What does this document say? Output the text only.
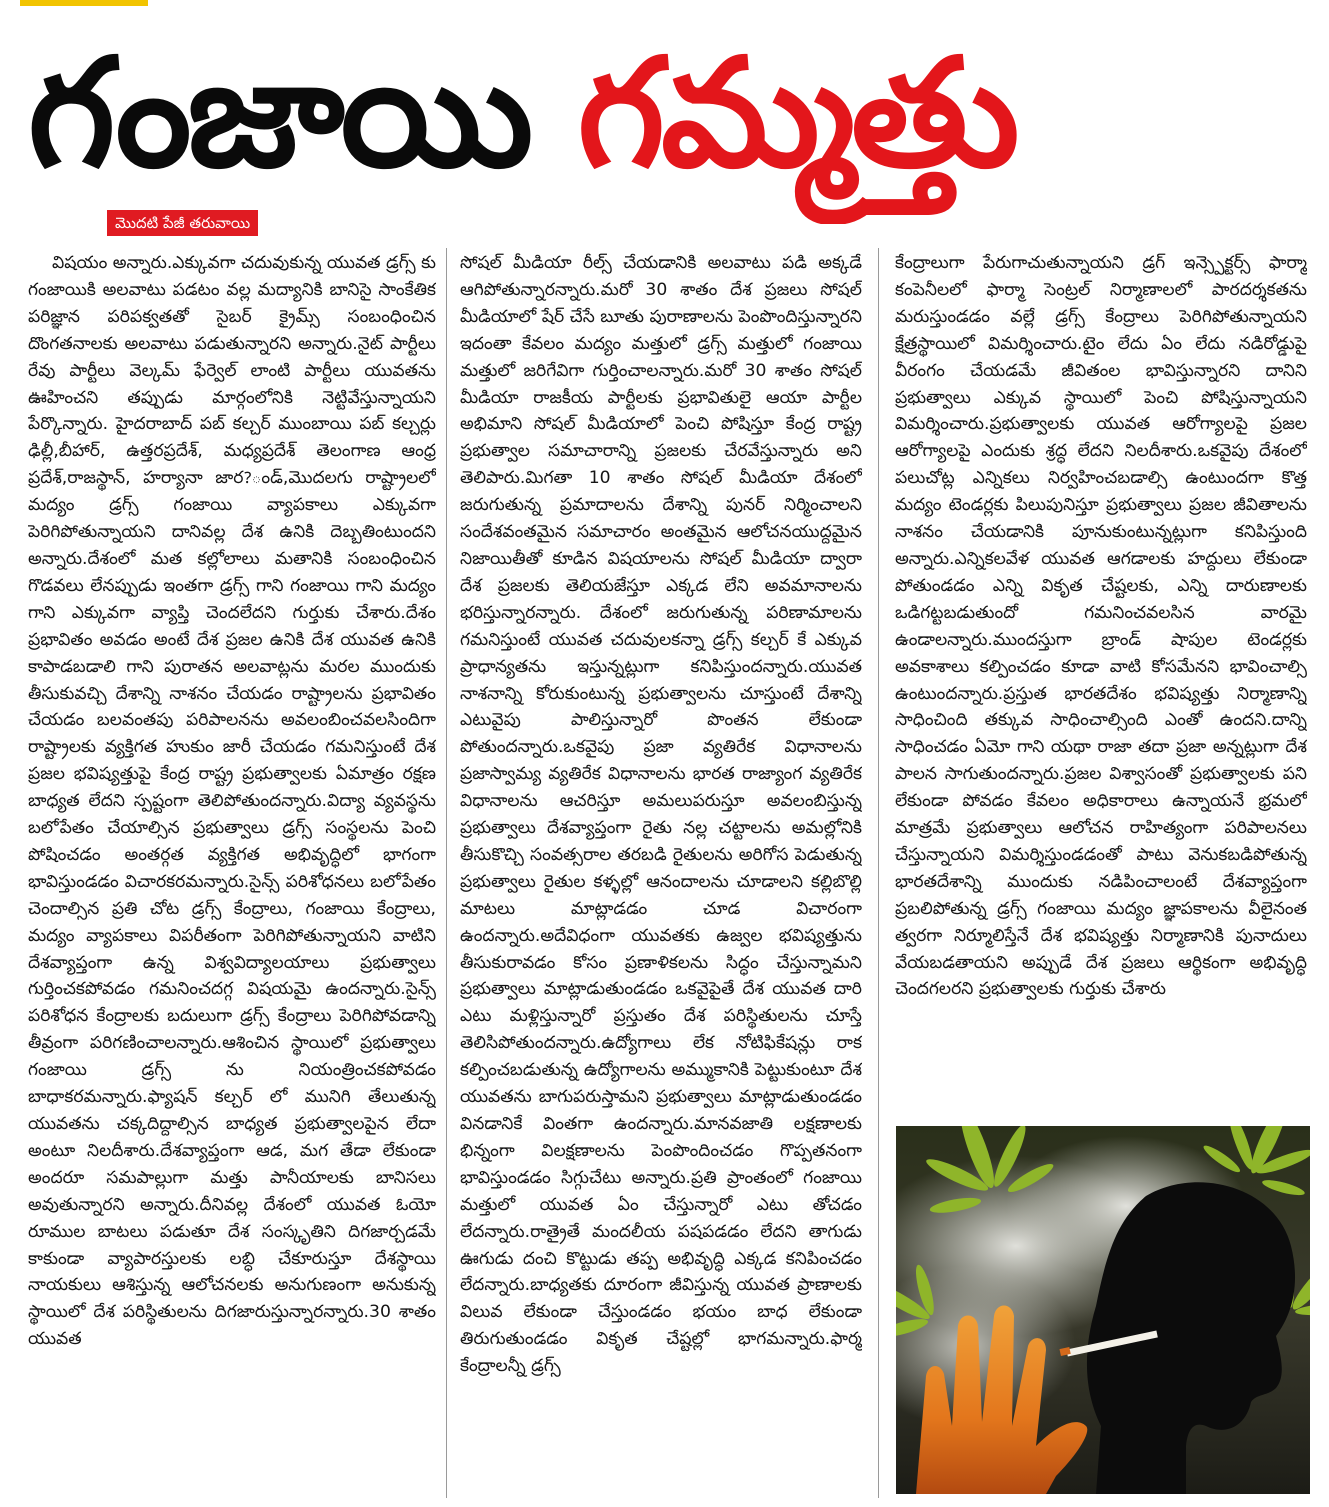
గంజాయి గమ్మత్తు
మొదటి పేజీ తరువాయి

విషయం అన్నారు.ఎక్కువగా చదువుకున్న యువత డ్రగ్స్ కు గంజాయికి అలవాటు పడటం వల్ల మద్యానికి బానిసై సాంకేతిక పరిజ్ఞాన పరిపక్వతతో సైబర్ క్రైమ్స్ సంబంధించిన దొంగతనాలకు అలవాటు పడుతున్నారని అన్నారు.నైట్ పార్టీలు రేవు పార్టీలు వెల్కమ్ ఫేర్వెల్ లాంటి పార్టీలు యువతను ఊహించని తప్పుడు మార్గంలోనికి నెట్టివేస్తున్నాయని పేర్కొన్నారు. హైదరాబాద్ పబ్ కల్చర్ ముంబాయి పబ్ కల్చర్లు ఢిల్లీ,బీహార్, ఉత్తరప్రదేశ్, మధ్యప్రదేశ్ తెలంగాణ ఆంధ్ర ప్రదేశ్,రాజస్థాన్, హర్యానా జార?ండ్,మొదలగు రాష్ట్రాలలో మద్యం డ్రగ్స్ గంజాయి వ్యాపకాలు ఎక్కువగా పెరిగిపోతున్నాయని దానివల్ల దేశ ఉనికి దెబ్బతింటుందని అన్నారు.దేశంలో మత కల్లోలాలు మతానికి సంబంధించిన గొడవలు లేనప్పుడు ఇంతగా డ్రగ్స్ గాని గంజాయి గాని మద్యం గాని ఎక్కువగా వ్యాప్తి చెందలేదని గుర్తుకు చేశారు.దేశం ప్రభావితం అవడం అంటే దేశ ప్రజల ఉనికి దేశ యువత ఉనికి కాపాడబడాలి గాని పురాతన అలవాట్లను మరల ముందుకు తీసుకువచ్చి దేశాన్ని నాశనం చేయడం రాష్ట్రాలను ప్రభావితం చేయడం బలవంతపు పరిపాలనను అవలంబించవలసిందిగా రాష్ట్రాలకు వ్యక్తిగత హుకుం జారీ చేయడం గమనిస్తుంటే దేశ ప్రజల భవిష్యత్తుపై కేంద్ర రాష్ట్ర ప్రభుత్వాలకు ఏమాత్రం రక్షణ బాధ్యత లేదని స్పష్టంగా తెలిపోతుందన్నారు.విద్యా వ్యవస్థను బలోపేతం చేయాల్సిన ప్రభుత్వాలు డ్రగ్స్ సంస్థలను పెంచి పోషించడం అంతర్గత వ్యక్తిగత అభివృద్ధిలో భాగంగా భావిస్తుండడం విచారకరమన్నారు.సైన్స్ పరిశోధనలు బలోపేతం చెందాల్సిన ప్రతి చోట డ్రగ్స్ కేంద్రాలు, గంజాయి కేంద్రాలు, మద్యం వ్యాపకాలు విపరీతంగా పెరిగిపోతున్నాయని వాటిని దేశవ్యాప్తంగా ఉన్న విశ్వవిద్యాలయాలు ప్రభుత్వాలు గుర్తించకపోవడం గమనించదగ్గ విషయమై ఉందన్నారు.సైన్స్ పరిశోధన కేంద్రాలకు బదులుగా డ్రగ్స్ కేంద్రాలు పెరిగిపోవడాన్ని తీవ్రంగా పరిగణించాలన్నారు.ఆశించిన స్థాయిలో ప్రభుత్వాలు గంజాయి డ్రగ్స్ ను నియంత్రించకపోవడం బాధాకరమన్నారు.ఫ్యాషన్ కల్చర్ లో మునిగి తేలుతున్న యువతను చక్కదిద్దాల్సిన బాధ్యత ప్రభుత్వాలపైన లేదా అంటూ నిలదీశారు.దేశవ్యాప్తంగా ఆడ, మగ తేడా లేకుండా అందరూ సమపాల్లుగా మత్తు పానీయాలకు బానిసలు అవుతున్నారని అన్నారు.దీనివల్ల దేశంలో యువత ఓయో రూముల బాటలు పడుతూ దేశ సంస్కృతిని దిగజార్చడమే కాకుండా వ్యాపారస్తులకు లబ్ధి చేకూరుస్తూ దేశస్థాయి నాయకులు ఆశిస్తున్న ఆలోచనలకు అనుగుణంగా అనుకున్న స్థాయిలో దేశ పరిస్థితులను దిగజారుస్తున్నారన్నారు.30 శాతం యువత

సోషల్ మీడియా రీల్స్ చేయడానికి అలవాటు పడి అక్కడే ఆగిపోతున్నారన్నారు.మరో 30 శాతం దేశ ప్రజలు సోషల్ మీడియాలో షేర్ చేసే బూతు పురాణాలను పెంపొందిస్తున్నారని ఇదంతా కేవలం మద్యం మత్తులో డ్రగ్స్ మత్తులో గంజాయి మత్తులో జరిగేవిగా గుర్తించాలన్నారు.మరో 30 శాతం సోషల్ మీడియా రాజకీయ పార్టీలకు ప్రభావితులై ఆయా పార్టీల అభిమాని సోషల్ మీడియాలో పెంచి పోషిస్తూ కేంద్ర రాష్ట్ర ప్రభుత్వాల సమాచారాన్ని ప్రజలకు చేరవేస్తున్నారు అని తెలిపారు.మిగతా 10 శాతం సోషల్ మీడియా దేశంలో జరుగుతున్న ప్రమాదాలను దేశాన్ని పునర్ నిర్మించాలని సందేశవంతమైన సమాచారం అంతమైన ఆలోచనయుద్దమైన నిజాయితీతో కూడిన విషయాలను సోషల్ మీడియా ద్వారా దేశ ప్రజలకు తెలియజేస్తూ ఎక్కడ లేని అవమానాలను భరిస్తున్నారన్నారు. దేశంలో జరుగుతున్న పరిణామాలను గమనిస్తుంటే యువత చదువులకన్నా డ్రగ్స్ కల్చర్ కే ఎక్కువ ప్రాధాన్యతను ఇస్తున్నట్లుగా కనిపిస్తుందన్నారు.యువత నాశనాన్ని కోరుకుంటున్న ప్రభుత్వాలను చూస్తుంటే దేశాన్ని ఎటువైపు పాలిస్తున్నారో పొంతన లేకుండా పోతుందన్నారు.ఒకవైపు ప్రజా వ్యతిరేక విధానాలను ప్రజాస్వామ్య వ్యతిరేక విధానాలను భారత రాజ్యాంగ వ్యతిరేక విధానాలను ఆచరిస్తూ అమలుపరుస్తూ అవలంబిస్తున్న ప్రభుత్వాలు దేశవ్యాప్తంగా రైతు నల్ల చట్టాలను అమల్లోనికి తీసుకొచ్చి సంవత్సరాల తరబడి రైతులను అరిగోస పెడుతున్న ప్రభుత్వాలు రైతుల కళ్ళల్లో ఆనందాలను చూడాలని కల్లిబొల్లి మాటలు మాట్లాడడం చూడ విచారంగా ఉందన్నారు.అదేవిధంగా యువతకు ఉజ్వల భవిష్యత్తును తీసుకురావడం కోసం ప్రణాళికలను సిద్ధం చేస్తున్నామని ప్రభుత్వాలు మాట్లాడుతుండడం ఒకవైపైతే దేశ యువత దారి ఎటు మళ్లిస్తున్నారో ప్రస్తుతం దేశ పరిస్థితులను చూస్తే తెలిసిపోతుందన్నారు.ఉద్యోగాలు లేక నోటిఫికేషన్లు రాక కల్పించబడుతున్న ఉద్యోగాలను అమ్ముకానికి పెట్టుకుంటూ దేశ యువతను బాగుపరుస్తామని ప్రభుత్వాలు మాట్లాడుతుండడం వినడానికే వింతగా ఉందన్నారు.మానవజాతి లక్షణాలకు భిన్నంగా విలక్షణాలను పెంపొందించడం గొప్పతనంగా భావిస్తుండడం సిగ్గుచేటు అన్నారు.ప్రతి ప్రాంతంలో గంజాయి మత్తులో యువత ఏం చేస్తున్నారో ఎటు తోచడం లేదన్నారు.రాత్రైతే మందలీయ పషపడడం లేదని తాగుడు ఊగుడు దంచి కొట్టుడు తప్ప అభివృద్ధి ఎక్కడ కనిపించడం లేదన్నారు.బాధ్యతకు దూరంగా జీవిస్తున్న యువత ప్రాణాలకు విలువ లేకుండా చేస్తుండడం భయం బాధ లేకుండా తిరుగుతుండడం వికృత చేష్టల్లో భాగమన్నారు.ఫార్మ కేంద్రాలన్నీ డ్రగ్స్

కేంద్రాలుగా పేరుగాచుతున్నాయని డ్రగ్ ఇన్స్పెక్టర్స్ ఫార్మా కంపెనీలలో ఫార్మా సెంట్రల్ నిర్మాణాలలో పారదర్శకతను మరుస్తుండడం వల్లే డ్రగ్స్ కేంద్రాలు పెరిగిపోతున్నాయని క్షేత్రస్థాయిలో విమర్శించారు.టైం లేదు ఏం లేదు నడిరోడ్డుపై వీరంగం చేయడమే జీవితంల భావిస్తున్నారని దానిని ప్రభుత్వాలు ఎక్కువ స్థాయిలో పెంచి పోషిస్తున్నాయని విమర్శించారు.ప్రభుత్వాలకు యువత ఆరోగ్యాలపై ప్రజల ఆరోగ్యాలపై ఎందుకు శ్రద్ధ లేదని నిలదీశారు.ఒకవైపు దేశంలో పలుచోట్ల ఎన్నికలు నిర్వహించబడాల్సి ఉంటుందగా కొత్త మద్యం టెండర్లకు పిలుపునిస్తూ ప్రభుత్వాలు ప్రజల జీవితాలను నాశనం చేయడానికి పూనుకుంటున్నట్లుగా కనిపిస్తుంది అన్నారు.ఎన్నికలవేళ యువత ఆగడాలకు హద్దులు లేకుండా పోతుండడం ఎన్ని వికృత చేష్టలకు, ఎన్ని దారుణాలకు ఒడిగట్టబడుతుందో గమనించవలసిన వారమై ఉండాలన్నారు.ముందస్తుగా బ్రాండ్ షాపుల టెండర్లకు అవకాశాలు కల్పించడం కూడా వాటి కోసమేనని భావించాల్సి ఉంటుందన్నారు.ప్రస్తుత భారతదేశం భవిష్యత్తు నిర్మాణాన్ని సాధించింది తక్కువ సాధించాల్సింది ఎంతో ఉందని.దాన్ని సాధించడం ఏమో గాని యథా రాజా తదా ప్రజా అన్నట్లుగా దేశ పాలన సాగుతుందన్నారు.ప్రజల విశ్వాసంతో ప్రభుత్వాలకు పని లేకుండా పోవడం కేవలం అధికారాలు ఉన్నాయనే భ్రమలో మాత్రమే ప్రభుత్వాలు ఆలోచన రాహిత్యంగా పరిపాలనలు చేస్తున్నాయని విమర్శిస్తుండడంతో పాటు వెనుకబడిపోతున్న భారతదేశాన్ని ముందుకు నడిపించాలంటే దేశవ్యాప్తంగా ప్రబలిపోతున్న డ్రగ్స్ గంజాయి మద్యం జ్ఞాపకాలను వీలైనంత త్వరగా నిర్మూలిస్తేనే దేశ భవిష్యత్తు నిర్మాణానికి పునాదులు వేయబడతాయని అప్పుడే దేశ ప్రజలు ఆర్థికంగా అభివృద్ధి చెందగలరని ప్రభుత్వాలకు గుర్తుకు చేశారు
